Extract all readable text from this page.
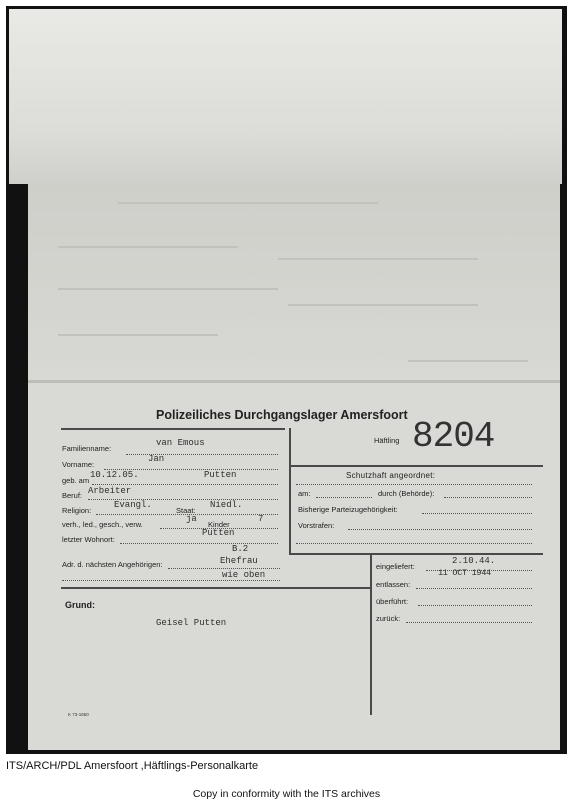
Polizeiliches Durchgangslager Amersfoort
8204
Häftling
Familienname:
van Emous
Vorname:
Jan
geb. am
10.12.05.	Putten
Beruf: Arbeiter
Religion:
Evangl.
Staat:
Niedl.
verh., led., gesch., verw.
ja
Kinder
7
letzter Wohnort:
Putten
B.2
Adr. d. nächsten Angehörigen:	Ehefrau
wie oben
Schutzhaft angeordnet:
am:	durch (Behörde):
Bisherige Parteizugehörigkeit:
Vorstrafen:
eingeliefert:
2.10.44.
entlassen:
11 OCT 1944
überführt:
zurück:
Grund:
Geisel Putten
K 73-1650
ITS/ARCH/PDL Amersfoort ,Häftlings-Personalkarte
Copy in conformity with the ITS archives
